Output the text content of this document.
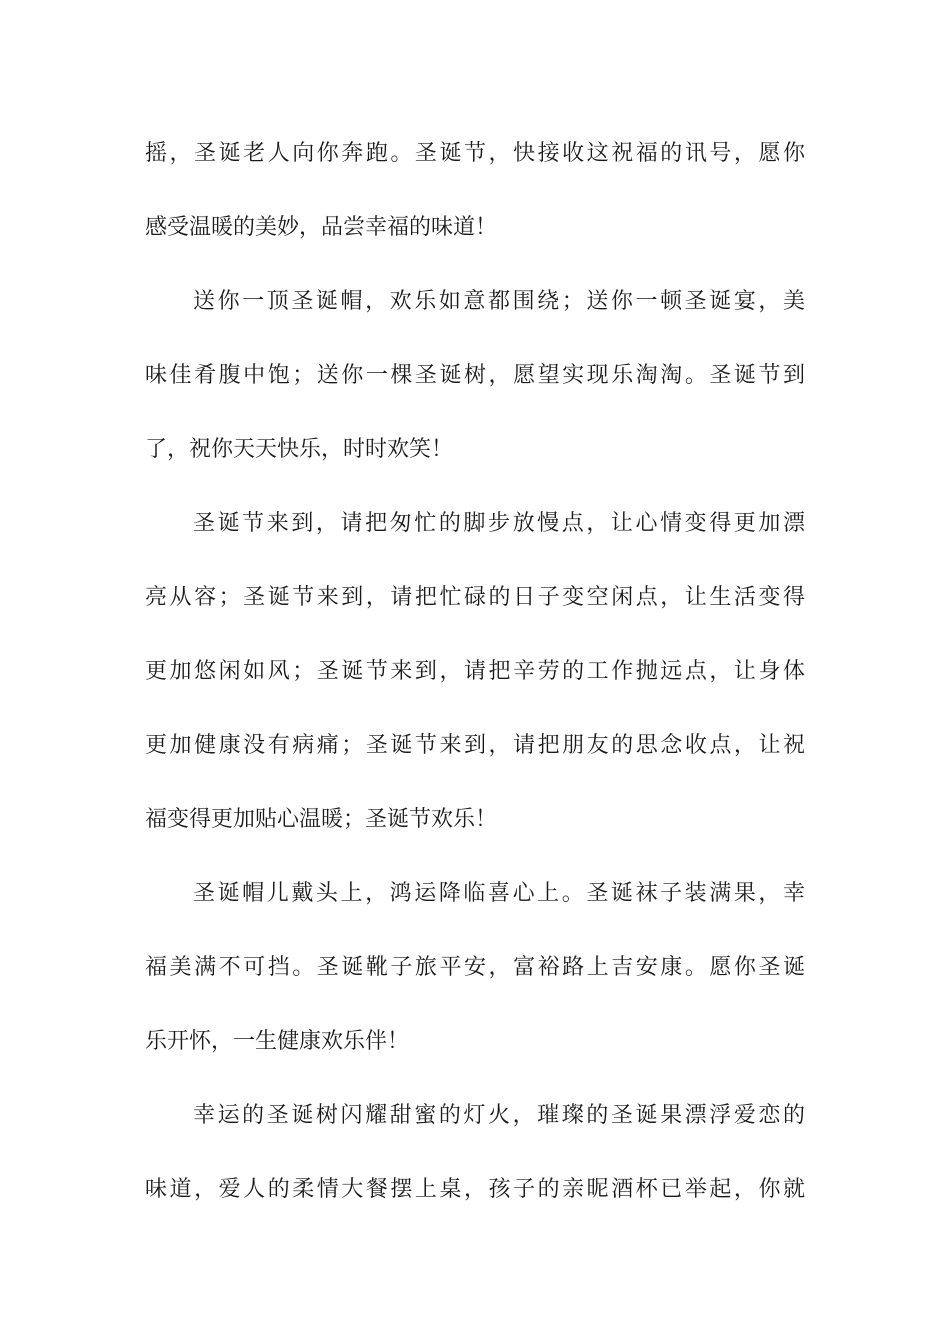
摇，圣诞老人向你奔跑。圣诞节，快接收这祝福的讯号，愿你
感受温暖的美妙，品尝幸福的味道！
送你一顶圣诞帽，欢乐如意都围绕；送你一顿圣诞宴，美
味佳肴腹中饱；送你一棵圣诞树，愿望实现乐淘淘。圣诞节到
了，祝你天天快乐，时时欢笑！
圣诞节来到，请把匆忙的脚步放慢点，让心情变得更加漂
亮从容；圣诞节来到，请把忙碌的日子变空闲点，让生活变得
更加悠闲如风；圣诞节来到，请把辛劳的工作抛远点，让身体
更加健康没有病痛；圣诞节来到，请把朋友的思念收点，让祝
福变得更加贴心温暖；圣诞节欢乐！
圣诞帽儿戴头上，鸿运降临喜心上。圣诞袜子装满果，幸
福美满不可挡。圣诞靴子旅平安，富裕路上吉安康。愿你圣诞
乐开怀，一生健康欢乐伴！
幸运的圣诞树闪耀甜蜜的灯火，璀璨的圣诞果漂浮爱恋的
味道，爱人的柔情大餐摆上桌，孩子的亲昵酒杯已举起，你就
